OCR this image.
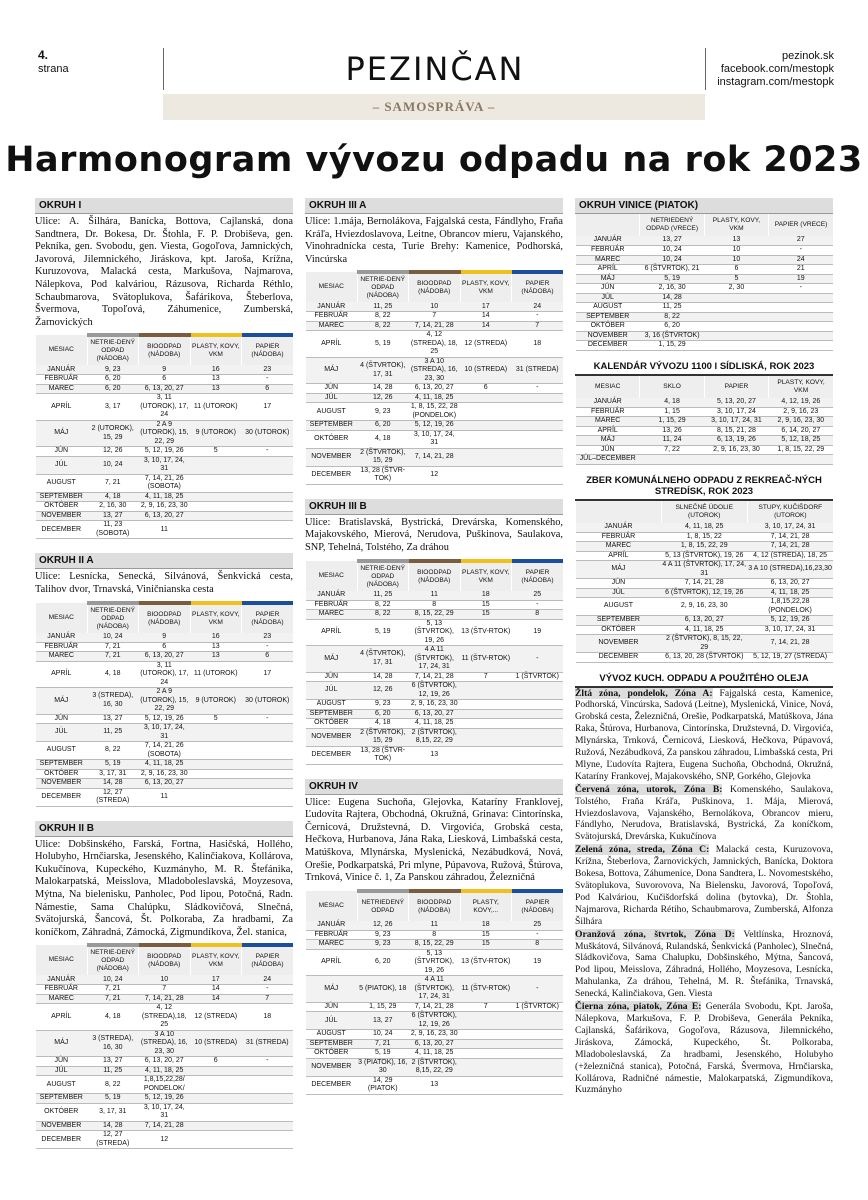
4.
strana	PEZINČAN	pezinok.sk
facebook.com/mestopk
instagram.com/mestopk
– SAMOSPRÁVA –
Harmonogram vývozu odpadu na rok 2023
OKRUH I
Ulice: A. Šilhára, Banícka, Bottova, Cajlanská, dona Sandtnera, Dr. Bokesa, Dr. Štohla, F. P. Drobiševa, gen. Pekníka, gen. Svobodu, gen. Viesta, Gogoľova, Jamnických, Javorová, Jilemnického, Jiráskova, kpt. Jaroša, Krížna, Kuruzovova, Malacká cesta, Markušova, Najmarova, Nálepkova, Pod kalváriou, Rázusova, Richarda Réthlo, Schaubmarova, Svätoplukova, Šafárikova, Šteberlova, Švermova, Topoľová, Záhumenice, Zumberská, Žarnovických
MESIAC	NETRIE-DENÝ ODPAD (NÁDOBA)	BIOODPAD (NÁDOBA)	PLASTY, KOVY, VKM	PAPIER (NÁDOBA)
JANUÁR	9, 23	9	16	23
FEBRUÁR	6, 20	6	13	-
MAREC	6, 20	6, 13, 20, 27	13	6
APRÍL	3, 17	3, 11 (UTOROK), 17, 24	11 (UTOROK)	17
MÁJ	2 (UTOROK), 15, 29	2 A 9 (UTOROK), 15, 22, 29	9 (UTOROK)	30 (UTOROK)
JÚN	12, 26	5, 12, 19, 26	5	-
JÚL	10, 24	3, 10, 17, 24, 31		
AUGUST	7, 21	7, 14, 21, 26 (SOBOTA)		
SEPTEMBER	4, 18	4, 11, 18, 25		
OKTÓBER	2, 16, 30	2, 9, 16, 23, 30		
NOVEMBER	13, 27	6, 13, 20, 27		
DECEMBER	11, 23 (SOBOTA)	11		
OKRUH II A
Ulice: Lesnícka, Senecká, Silvánová, Šenkvická cesta, Talihov dvor, Trnavská, Viničnianska cesta
MESIAC	NETRIE-DENÝ ODPAD (NÁDOBA)	BIOODPAD (NÁDOBA)	PLASTY, KOVY, VKM	PAPIER (NÁDOBA)
JANUÁR	10, 24	9	16	23
FEBRUÁR	7, 21	6	13	-
MAREC	7, 21	6, 13, 20, 27	13	6
APRÍL	4, 18	3, 11 (UTOROK), 17, 24	11 (UTOROK)	17
MÁJ	3 (STREDA), 16, 30	2 A 9 (UTOROK), 15, 22, 29	9 (UTOROK)	30 (UTOROK)
JÚN	13, 27	5, 12, 19, 26	5	-
JÚL	11, 25	3, 10, 17, 24, 31		
AUGUST	8, 22	7, 14, 21, 26 (SOBOTA)		
SEPTEMBER	5, 19	4, 11, 18, 25		
OKTÓBER	3, 17, 31	2, 9, 16, 23, 30		
NOVEMBER	14, 28	6, 13, 20, 27		
DECEMBER	12, 27 (STREDA)	11		
OKRUH II B
Ulice: Dobšinského, Farská, Fortna, Hasičská, Hollého, Holubyho, Hrnčiarska, Jesenského, Kalinčiakova, Kollárova, Kukučínova, Kupeckého, Kuzmányho, M. R. Štefánika, Malokarpatská, Meisslova, Mladoboleslavská, Moyzesova, Mýtna, Na bielenisku, Panholec, Pod lipou, Potočná, Radn. Námestie, Sama Chalúpku, Sládkovičová, Slnečná, Svätojurská, Šancová, Št. Polkoraba, Za hradbami, Za koníčkom, Záhradná, Zámocká, Zigmundíkova, Žel. stanica,
MESIAC	NETRIE-DENÝ ODPAD (NÁDOBA)	BIOODPAD (NÁDOBA)	PLASTY, KOVY, VKM	PAPIER (NÁDOBA)
JANUÁR	10, 24	10	17	24
FEBRUÁR	7, 21	7	14	-
MAREC	7, 21	7, 14, 21, 28	14	7
APRÍL	4, 18	4, 12 (STREDA),18, 25	12 (STREDA)	18
MÁJ	3 (STREDA), 16, 30	3 A 10 (STREDA), 16, 23, 30	10 (STREDA)	31 (STREDA)
JÚN	13, 27	6, 13, 20, 27	6	-
JÚL	11, 25	4, 11, 18, 25		
AUGUST	8, 22	1,8,15,22,28/ PONDELOK/		
SEPTEMBER	5, 19	5, 12, 19, 26		
OKTÓBER	3, 17, 31	3, 10, 17, 24, 31		
NOVEMBER	14, 28	7, 14, 21, 28		
DECEMBER	12, 27 (STREDA)	12		
OKRUH III A
Ulice: 1.mája, Bernolákova, Fajgalská cesta, Fándlyho, Fraňa Kráľa, Hviezdoslavova, Leitne, Obrancov mieru, Vajanského, Vinohradnícka cesta, Turie Brehy: Kamenice, Podhorská, Vincúrska
MESIAC	NETRIE-DENÝ ODPAD (NÁDOBA)	BIOODPAD (NÁDOBA)	PLASTY, KOVY, VKM	PAPIER (NÁDOBA)
JANUÁR	11, 25	10	17	24
FEBRUÁR	8, 22	7	14	-
MAREC	8, 22	7, 14, 21, 28	14	7
APRÍL	5, 19	4, 12 (STREDA), 18, 25	12 (STREDA)	18
MÁJ	4 (ŠTVRTOK), 17, 31	3 A 10 (STREDA), 16, 23, 30	10 (STREDA)	31 (STREDA)
JÚN	14, 28	6, 13, 20, 27	6	-
JÚL	12, 26	4, 11, 18, 25		
AUGUST	9, 23	1, 8, 15, 22, 28 (PONDELOK)		
SEPTEMBER	6, 20	5, 12, 19, 26		
OKTÓBER	4, 18	3, 10, 17, 24, 31		
NOVEMBER	2 (ŠTVRTOK), 15, 29	7, 14, 21, 28		
DECEMBER	13, 28 (ŠTVR-TOK)	12		
OKRUH III B
Ulice: Bratislavská, Bystrická, Drevárska, Komenského, Majakovského, Mierová, Nerudova, Puškinova, Saulakova, SNP, Tehelná, Tolstého, Za dráhou
MESIAC	NETRIE-DENÝ ODPAD (NÁDOBA)	BIOODPAD (NÁDOBA)	PLASTY, KOVY, VKM	PAPIER (NÁDOBA)
JANUÁR	11, 25	11	18	25
FEBRUÁR	8, 22	8	15	-
MAREC	8, 22	8, 15, 22, 29	15	8
APRÍL	5, 19	5, 13 (ŠTVRTOK), 19, 26	13 (ŠTV-RTOK)	19
MÁJ	4 (ŠTVRTOK), 17, 31	4 A 11 (ŠTVRTOK), 17, 24, 31	11 (ŠTV-RTOK)	-
JÚN	14, 28	7, 14, 21, 28	7	1 (ŠTVRTOK)
JÚL	12, 26	6 (ŠTVRTOK), 12, 19, 26		
AUGUST	9, 23	2, 9, 16, 23, 30		
SEPTEMBER	6, 20	6, 13, 20, 27		
OKTÓBER	4, 18	4, 11, 18, 25		
NOVEMBER	2 (ŠTVRTOK), 15, 29	2 (ŠTVRTOK), 8,15, 22, 29		
DECEMBER	13, 28 (ŠTVR-TOK)	13		
OKRUH IV
Ulice: Eugena Suchoňa, Glejovka, Kataríny Franklovej, Ľudovíta Rajtera, Obchodná, Okružná, Grinava: Cintorínska, Černicová, Družstevná, D. Virgovića, Grobská cesta, Hečkova, Hurbanova, Jána Raka, Liesková, Limbašská cesta, Matúškova, Mlynárska, Myslenická, Nezábudková, Nová, Orešie, Podkarpatská, Pri mlyne, Púpavova, Ružová, Štúrova, Trnková, Vinice č. 1, Za Panskou záhradou, Železničná
MESIAC	NETRIEDENÝ ODPAD	BIOODPAD (NÁDOBA)	PLASTY, KOVY,...	PAPIER (NÁDOBA)
JANUÁR	12, 26	11	18	25
FEBRUÁR	9, 23	8	15	-
MAREC	9, 23	8, 15, 22, 29	15	8
APRÍL	6, 20	5, 13 (ŠTVRTOK), 19, 26	13 (ŠTV-RTOK)	19
MÁJ	5 (PIATOK), 18	4 A 11 (ŠTVRTOK), 17, 24, 31	11 (ŠTV-RTOK)	-
JÚN	1, 15, 29	7, 14, 21, 28	7	1 (ŠTVRTOK)
JÚL	13, 27	6 (ŠTVRTOK), 12, 19, 26		
AUGUST	10, 24	2, 9, 16, 23, 30		
SEPTEMBER	7, 21	6, 13, 20, 27		
OKTÓBER	5, 19	4, 11, 18, 25		
NOVEMBER	3 (PIATOK), 16, 30	2 (ŠTVRTOK), 8,15, 22, 29		
DECEMBER	14, 29 (PIATOK)	13		
OKRUH VINICE (PIATOK)
	NETRIEDENÝ ODPAD (VRECE)	PLASTY, KOVY, VKM	PAPIER (VRECE)
JANUÁR	13, 27	13	27
FEBRUÁR	10, 24	10	-
MAREC	10, 24	10	24
APRÍL	6 (ŠTVRTOK), 21	6	21
MÁJ	5, 19	5	19
JÚN	2, 16, 30	2, 30	-
JÚL	14, 28		
AUGUST	11, 25		
SEPTEMBER	8, 22		
OKTÓBER	6, 20		
NOVEMBER	3, 16 (ŠTVRTOK)		
DECEMBER	1, 15, 29		
KALENDÁR VÝVOZU 1100 l SÍDLISKÁ, ROK 2023
MESIAC	SKLO	PAPIER	PLASTY, KOVY, VKM
JANUÁR	4, 18	5, 13, 20, 27	4, 12, 19, 26
FEBRUÁR	1, 15	3, 10, 17, 24	2, 9, 16, 23
MAREC	1, 15, 29	3, 10, 17, 24, 31	2, 9, 16, 23, 30
APRÍL	13, 26	8, 15, 21, 28	6, 14, 20, 27
MÁJ	11, 24	6, 13, 19, 26	5, 12, 18, 25
JÚN	7, 22	2, 9, 16, 23, 30	1, 8, 15, 22, 29
JÚL–DECEMBER			
ZBER KOMUNÁLNEHO ODPADU Z REKREAČ-NÝCH STREDÍSK, ROK 2023
	SLNEČNÉ ÚDOLIE (UTOROK)	STUPY, KUČIŠDORF (UTOROK)
JANUÁR	4, 11, 18, 25	3, 10, 17, 24, 31
FEBRUÁR	1, 8, 15, 22	7, 14, 21, 28
MAREC	1, 8, 15, 22, 29	7, 14, 21, 28
APRÍL	5, 13 (ŠTVRTOK), 19, 26	4, 12 (STREDA), 18, 25
MÁJ	4 A 11 (ŠTVRTOK), 17, 24, 31	3 A 10 (STREDA),16,23,30
JÚN	7, 14, 21, 28	6, 13, 20, 27
JÚL	6 (ŠTVRTOK), 12, 19, 26	4, 11, 18, 25
AUGUST	2, 9, 16, 23, 30	1,8,15,22,28 (PONDELOK)
SEPTEMBER	6, 13, 20, 27	5, 12, 19, 26
OKTÓBER	4, 11, 18, 25	3, 10, 17, 24, 31
NOVEMBER	2 (ŠTVRTOK), 8, 15, 22, 29	7, 14, 21, 28
DECEMBER	6, 13, 20, 28 (ŠTVRTOK)	5, 12, 19, 27 (STREDA)
VÝVOZ KUCH. ODPADU A POUŽITÉHO OLEJA

Žltá zóna, pondelok, Zóna A: Fajgalská cesta, Kamenice, Podhorská, Vincúrska, Sadová (Leitne), Myslenická, Vinice, Nová, Grobská cesta, Železničná, Orešie, Podkarpatská, Matúškova, Jána Raka, Štúrova, Hurbanova, Cintorínska, Družstevná, D. Virgovića, Mlynárska, Trnková, Černicová, Liesková, Hečkova, Púpavová, Ružová, Nezábudková, Za panskou záhradou, Limbašská cesta, Pri Mlyne, Ľudovíta Rajtera, Eugena Suchoňa, Obchodná, Okružná, Kataríny Frankovej, Majakovského, SNP, Gorkého, Glejovka

Červená zóna, utorok, Zóna B: Komenského, Saulakova, Tolstého, Fraňa Kráľa, Puškinova, 1. Mája, Mierová, Hviezdoslavova, Vajanského, Bernolákova, Obrancov mieru, Fándlyho, Nerudova, Bratislavská, Bystrická, Za koníčkom, Svätojurská, Drevárska, Kukučínova

Zelená zóna, streda, Zóna C: Malacká cesta, Kuruzovova, Krížna, Šteberlova, Žarnovických, Jamnických, Banícka, Doktora Bokesa, Bottova, Záhumenice, Dona Sandtera, L. Novomestského, Svätoplukova, Suvorovova, Na Bielensku, Javorová, Topoľová, Pod Kalváriou, Kučišdorfská dolina (bytovka), Dr. Štohla, Najmarova, Richarda Rétiho, Schaubmarova, Zumberská, Alfonza Šilhára

Oranžová zóna, štvrtok, Zóna D: Veltlínska, Hroznová, Muškátová, Silvánová, Rulandská, Šenkvická (Panholec), Slnečná, Sládkovičova, Sama Chalupku, Dobšinského, Mýtna, Šancová, Pod lipou, Meisslova, Záhradná, Hollého, Moyzesova, Lesnícka, Mahulanka, Za dráhou, Tehelná, M. R. Štefánika, Trnavská, Senecká, Kalinčiakova, Gen. Viesta

Čierna zóna, piatok, Zóna E: Generála Svobodu, Kpt. Jaroša, Nálepkova, Markušova, F. P. Drobiševa, Generála Pekníka, Cajlanská, Šafárikova, Gogoľova, Rázusova, Jilemnického, Jiráskova, Zámocká, Kupeckého, Št. Polkoraba, Mladoboleslavská, Za hradbami, Jesenského, Holubyho (+železničná stanica), Potočná, Farská, Švermova, Hrnčiarska, Kollárova, Radničné námestie, Malokarpatská, Zigmundíkova, Kuzmányho
